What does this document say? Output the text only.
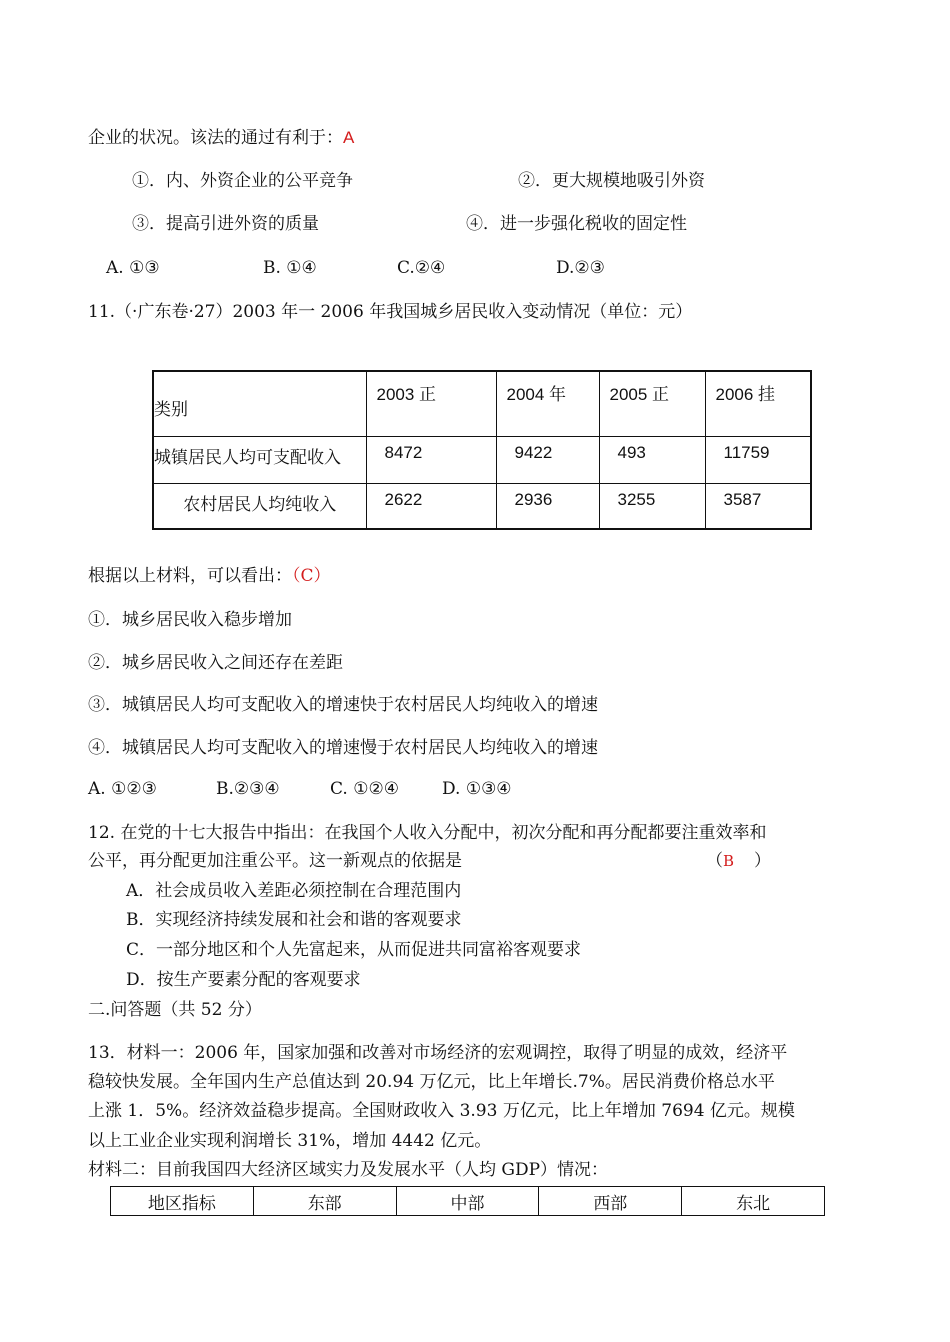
企业的状况。该法的通过有利于：A
①．内、外资企业的公平竞争	②．更大规模地吸引外资
③．提高引进外资的质量	④．进一步强化税收的固定性
A. ①③	B. ①④	C.②④	D.②③
11.（·广东卷·27）2003 年一 2006 年我国城乡居民收入变动情况（单位：元）
类别	2003 正	2004 年	2005 正	2006 挂
城镇居民人均可支配收入	8472	9422	493	11759
农村居民人均纯收入	2622	2936	3255	3587
根据以上材料，可以看出：（C）
①．城乡居民收入稳步增加
②．城乡居民收入之间还存在差距
③．城镇居民人均可支配收入的增速快于农村居民人均纯收入的增速
④．城镇居民人均可支配收入的增速慢于农村居民人均纯收入的增速
A. ①②③	B.②③④	C. ①②④	D. ①③④
12. 在党的十七大报告中指出：在我国个人收入分配中，初次分配和再分配都要注重效率和
公平，再分配更加注重公平。这一新观点的依据是	（B ）
A．社会成员收入差距必须控制在合理范围内
B．实现经济持续发展和社会和谐的客观要求
C．一部分地区和个人先富起来，从而促进共同富裕客观要求
D．按生产要素分配的客观要求
二.问答题（共 52 分）
13．材料一：2006 年，国家加强和改善对市场经济的宏观调控，取得了明显的成效，经济平
稳较快发展。全年国内生产总值达到 20.94 万亿元，比上年增长.7%。居民消费价格总水平
上涨 1．5%。经济效益稳步提高。全国财政收入 3.93 万亿元，比上年增加 7694 亿元。规模
以上工业企业实现利润增长 31%，增加 4442 亿元。
材料二：目前我国四大经济区域实力及发展水平（人均 GDP）情况：
地区指标	东部	中部	西部	东北
